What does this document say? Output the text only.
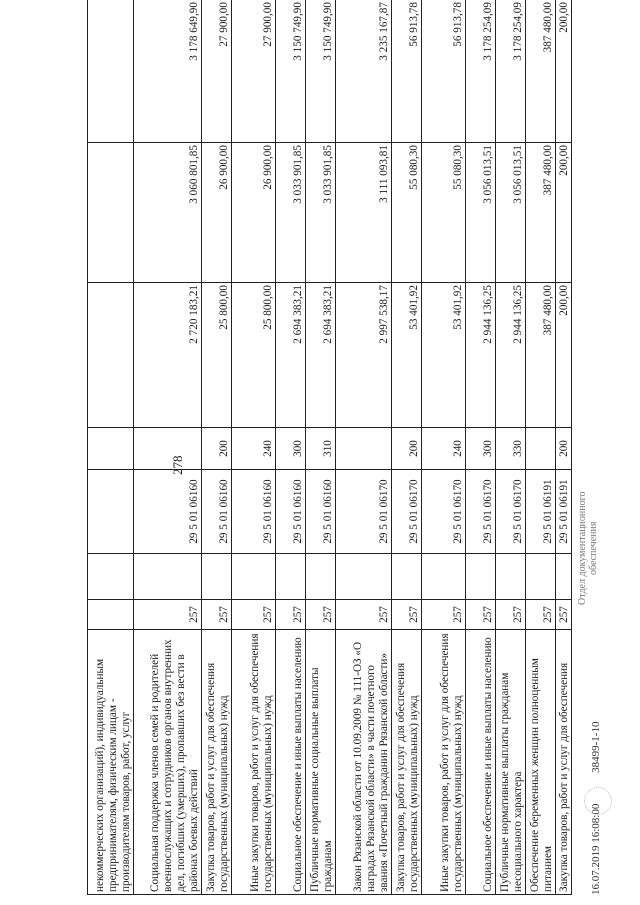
278
некоммерческих организаций), индивидуальным предпринимателям, физическим лицам - производителям товаров, работ, услуг							
Социальная поддержка членов семей и родителей военнослужащих и сотрудников органов внутренних дел, погибших (умерших), пропавших без вести в районах боевых действий	257		29 5 01 06160		2 720 183,21	3 060 801,85	3 178 649,90
Закупка товаров, работ и услуг для обеспечения государственных (муниципальных) нужд	257		29 5 01 06160	200	25 800,00	26 900,00	27 900,00
Иные закупки товаров, работ и услуг для обеспечения государственных (муниципальных) нужд	257		29 5 01 06160	240	25 800,00	26 900,00	27 900,00
Социальное обеспечение и иные выплаты населению	257		29 5 01 06160	300	2 694 383,21	3 033 901,85	3 150 749,90
Публичные нормативные социальные выплаты гражданам	257		29 5 01 06160	310	2 694 383,21	3 033 901,85	3 150 749,90
Закон Рязанской области от 10.09.2009 № 111-ОЗ «О наградах Рязанской области» в части почетного звания «Почетный гражданин Рязанской области»	257		29 5 01 06170		2 997 538,17	3 111 093,81	3 235 167,87
Закупка товаров, работ и услуг для обеспечения государственных (муниципальных) нужд	257		29 5 01 06170	200	53 401,92	55 080,30	56 913,78
Иные закупки товаров, работ и услуг для обеспечения государственных (муниципальных) нужд	257		29 5 01 06170	240	53 401,92	55 080,30	56 913,78
Социальное обеспечение и иные выплаты населению	257		29 5 01 06170	300	2 944 136,25	3 056 013,51	3 178 254,09
Публичные нормативные выплаты гражданам несоциального характера	257		29 5 01 06170	330	2 944 136,25	3 056 013,51	3 178 254,09
Обеспечение беременных женщин полноценным питанием	257		29 5 01 06191		387 480,00	387 480,00	387 480,00
Закупка товаров, работ и услуг для обеспечения	257		29 5 01 06191	200	200,00	200,00	200,00
16.07.2019 16:08:00 38499-1-10
Отдел документационного обеспечения
